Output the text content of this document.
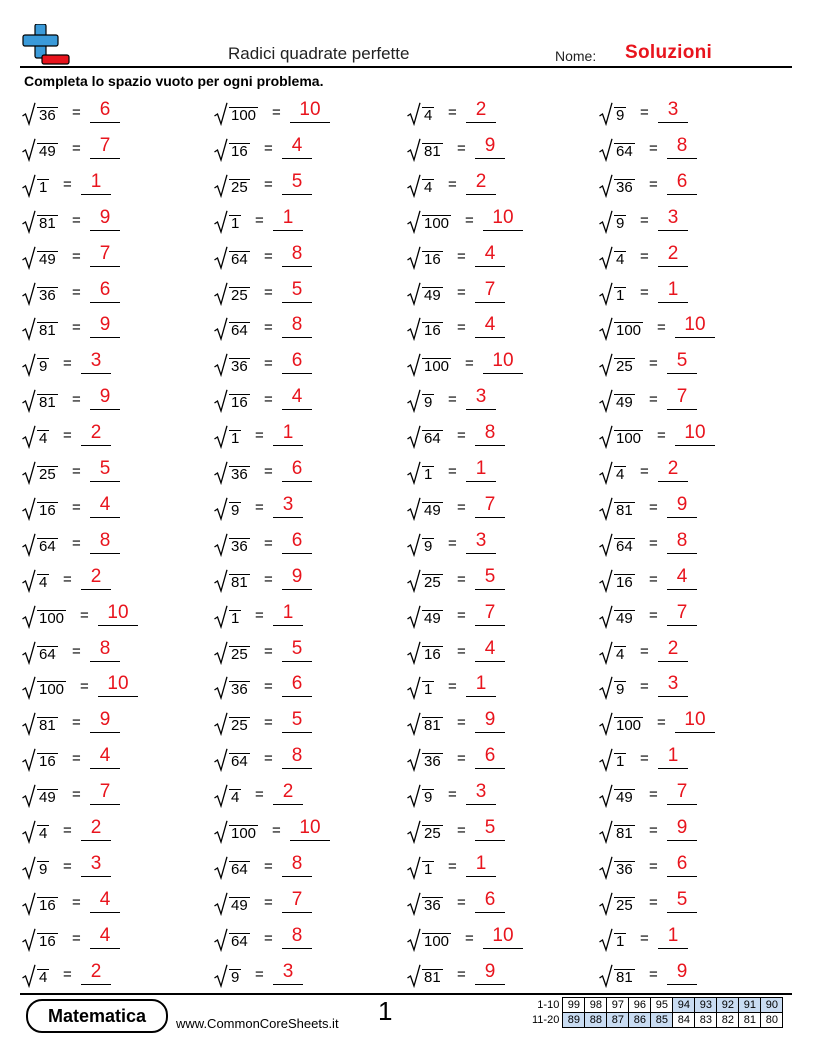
Radici quadrate perfette	Nome: Soluzioni
Completa lo spazio vuoto per ogni problema.
36 = 6	100 = 10	4 = 2	9 = 3
49 = 7	16 = 4	81 = 9	64 = 8
1 = 1	25 = 5	4 = 2	36 = 6
81 = 9	1 = 1	100 = 10	9 = 3
49 = 7	64 = 8	16 = 4	4 = 2
36 = 6	25 = 5	49 = 7	1 = 1
81 = 9	64 = 8	16 = 4	100 = 10
9 = 3	36 = 6	100 = 10	25 = 5
81 = 9	16 = 4	9 = 3	49 = 7
4 = 2	1 = 1	64 = 8	100 = 10
25 = 5	36 = 6	1 = 1	4 = 2
16 = 4	9 = 3	49 = 7	81 = 9
64 = 8	36 = 6	9 = 3	64 = 8
4 = 2	81 = 9	25 = 5	16 = 4
100 = 10	1 = 1	49 = 7	49 = 7
64 = 8	25 = 5	16 = 4	4 = 2
100 = 10	36 = 6	1 = 1	9 = 3
81 = 9	25 = 5	81 = 9	100 = 10
16 = 4	64 = 8	36 = 6	1 = 1
49 = 7	4 = 2	9 = 3	49 = 7
4 = 2	100 = 10	25 = 5	81 = 9
9 = 3	64 = 8	1 = 1	36 = 6
16 = 4	49 = 7	36 = 6	25 = 5
16 = 4	64 = 8	100 = 10	1 = 1
4 = 2	9 = 3	81 = 9	81 = 9
Matematica	www.CommonCoreSheets.it 1	1-10	99	98	97	96	95	94	93	92	91	90
11-20	89	88	87	86	85	84	83	82	81	80
